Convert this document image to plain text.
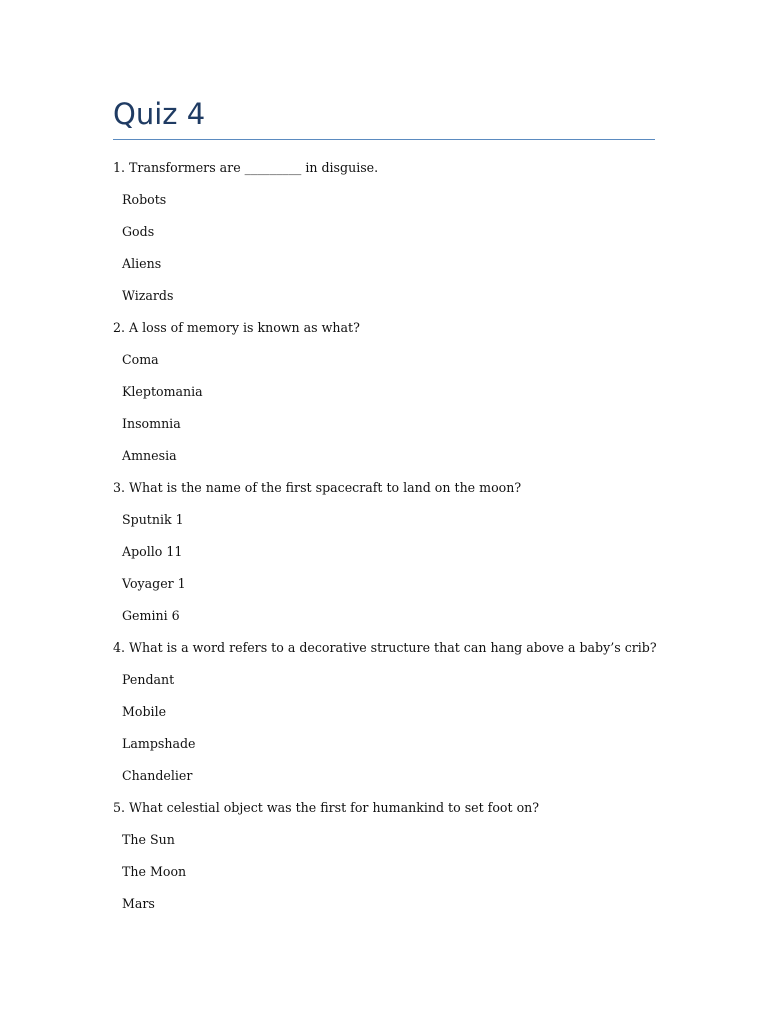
Quiz 4
1. Transformers are _________ in disguise.
Robots
Gods
Aliens
Wizards
2. A loss of memory is known as what?
Coma
Kleptomania
Insomnia
Amnesia
3. What is the name of the first spacecraft to land on the moon?
Sputnik 1
Apollo 11
Voyager 1
Gemini 6
4. What is a word refers to a decorative structure that can hang above a baby’s crib?
Pendant
Mobile
Lampshade
Chandelier
5. What celestial object was the first for humankind to set foot on?
The Sun
The Moon
Mars
